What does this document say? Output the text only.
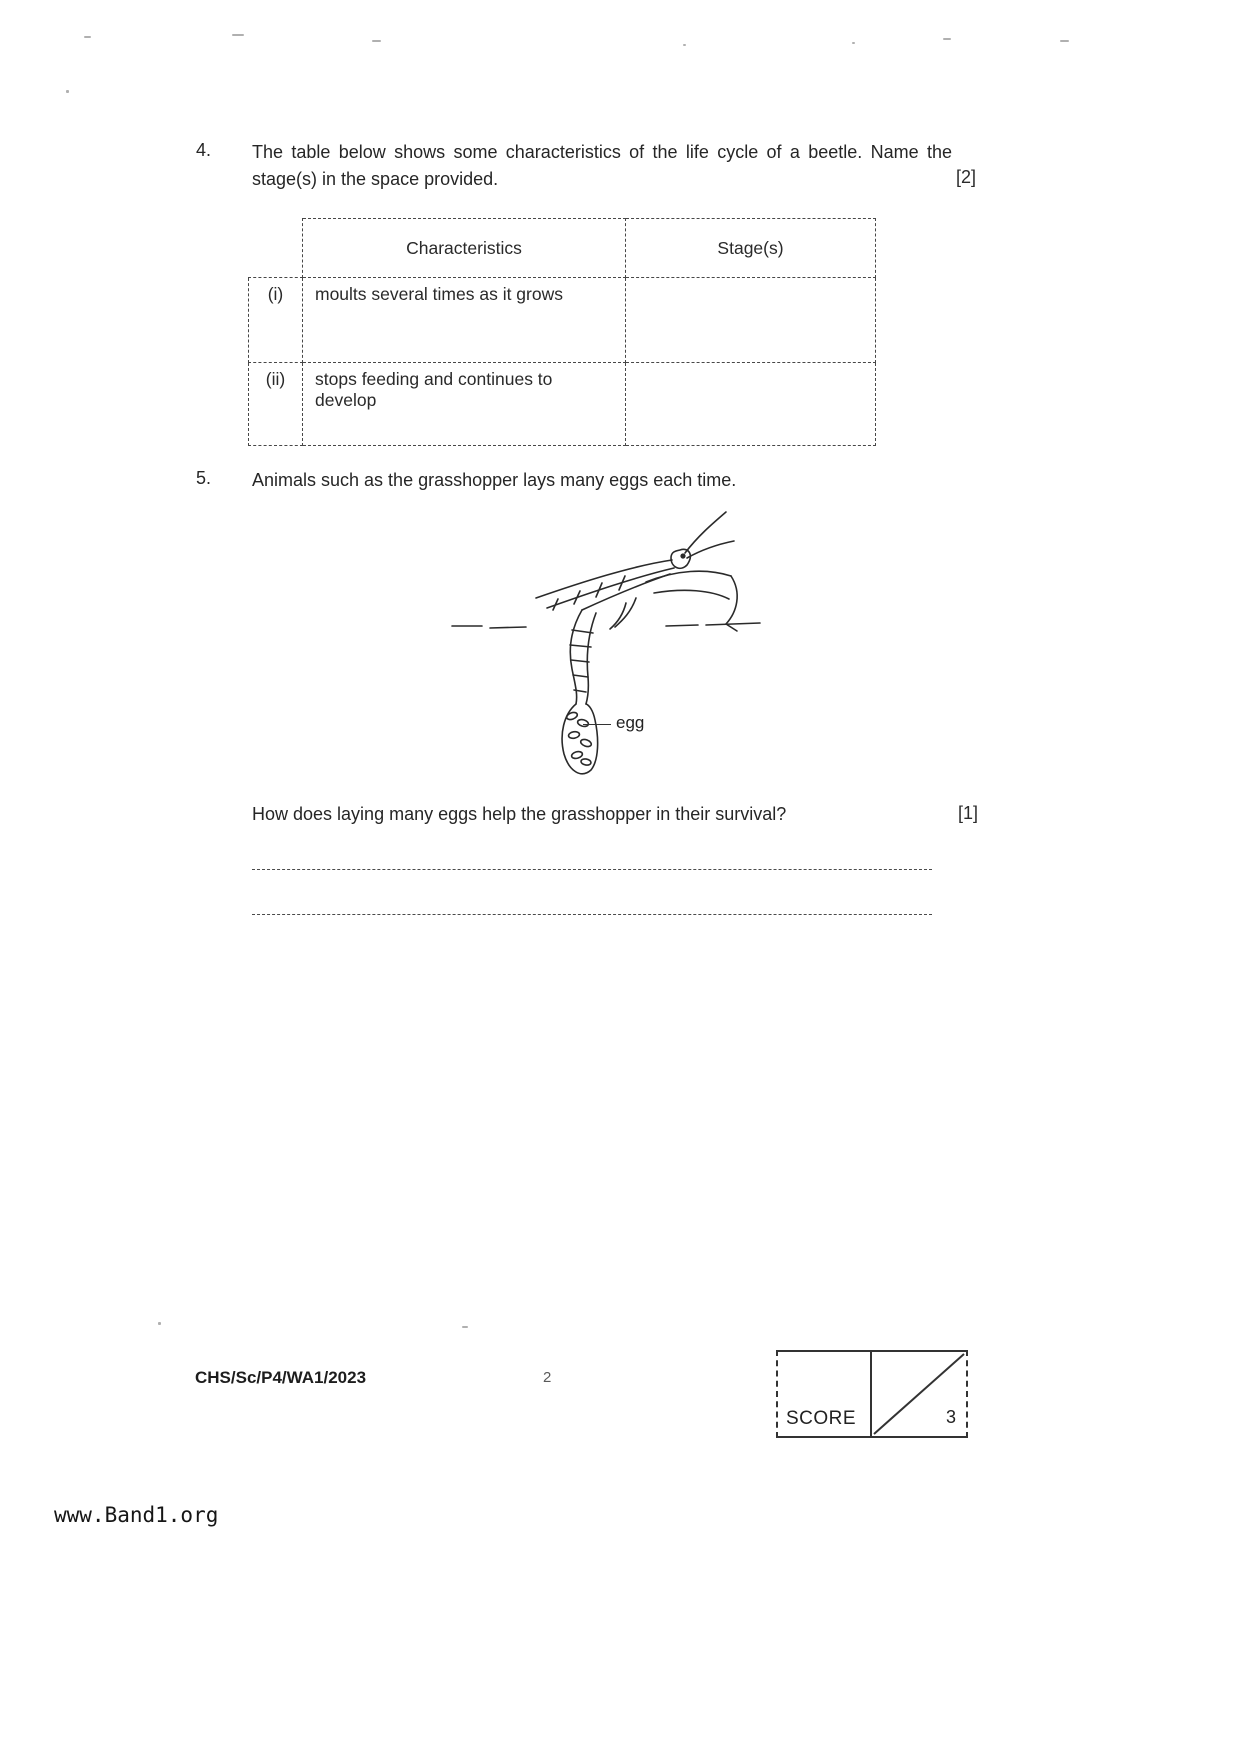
4. The table below shows some characteristics of the life cycle of a beetle. Name the stage(s) in the space provided.	[2]
	Characteristics	Stage(s)
(i)	moults several times as it grows	
(ii)	stops feeding and continues to develop	
5. Animals such as the grasshopper lays many eggs each time.
egg
How does laying many eggs help the grasshopper in their survival?	[1]
CHS/Sc/P4/WA1/2023	2
SCORE	3
www.Band1.org
